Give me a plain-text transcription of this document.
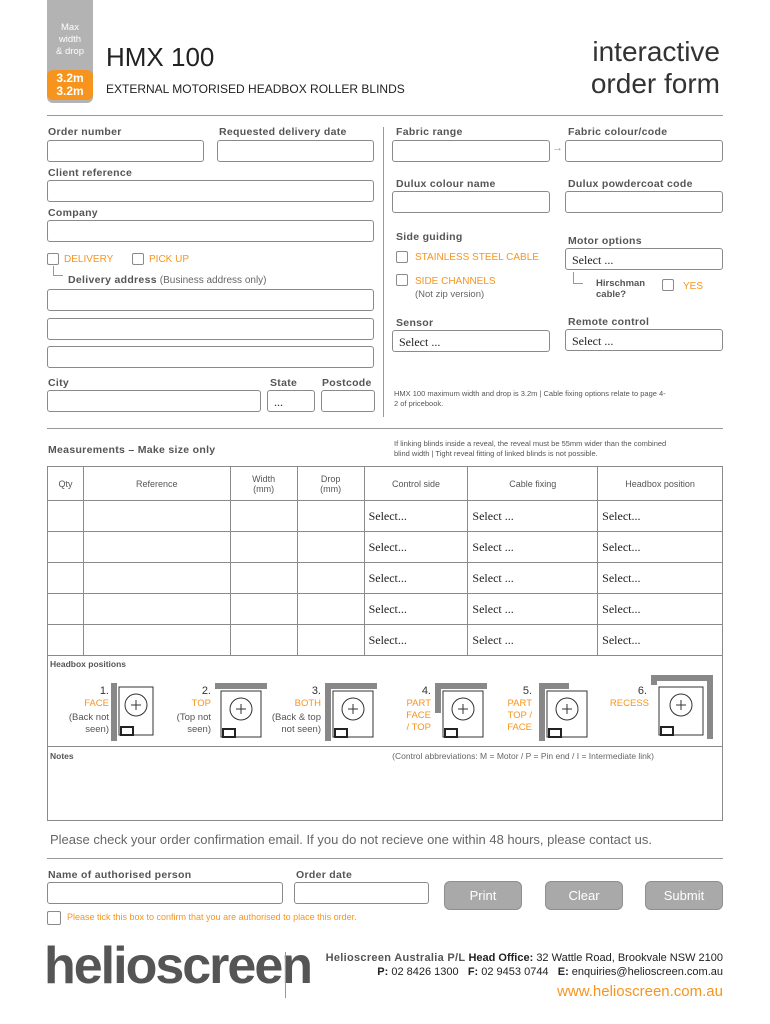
Max
width
& drop
3.2m
3.2m
HMX 100
EXTERNAL MOTORISED HEADBOX ROLLER BLINDS
interactive
order form
Order number	Requested delivery date
Client reference
Company
DELIVERY	PICK UP
Delivery address (Business address only)
City	State
...
Postcode
Fabric range
→
Fabric colour/code
Dulux colour name	Dulux powdercoat code
Side guiding
STAINLESS STEEL CABLE
SIDE CHANNELS
(Not zip version)
Motor options
Select ...
Hirschman
cable?
YES
Sensor
Select ...
Remote control
Select ...
HMX 100 maximum width and drop is 3.2m | Cable fixing options relate to page 4-2 of pricebook.
Measurements – Make size only
If linking blinds inside a reveal, the reveal must be 55mm wider than the combined blind width | Tight reveal fitting of linked blinds is not possible.
Qty	Reference	Width (mm)	Drop (mm)	Control side	Cable fixing	Headbox position
				Select...	Select ...	Select...
				Select...	Select ...	Select...
				Select...	Select ...	Select...
				Select...	Select ...	Select...
				Select...	Select ...	Select...
Headbox positions
1.
FACE
(Back not
seen)
2.
TOP
(Top not
seen)
3.
BOTH
(Back & top
not seen)
4.
PART
FACE
/ TOP
5.
PART
TOP /
FACE
6.
RECESS
Notes	(Control abbreviations: M = Motor / P = Pin end / I = Intermediate link)
Please check your order confirmation email. If you do not recieve one within 48 hours, please contact us.
Name of authorised person	Order date
Print	Clear	Submit
Please tick this box to confirm that you are authorised to place this order.
helioscreen Helioscreen Australia P/L Head Office: 32 Wattle Road, Brookvale NSW 2100
P: 02 8426 1300 F: 02 9453 0744 E: enquiries@helioscreen.com.au
www.helioscreen.com.au
